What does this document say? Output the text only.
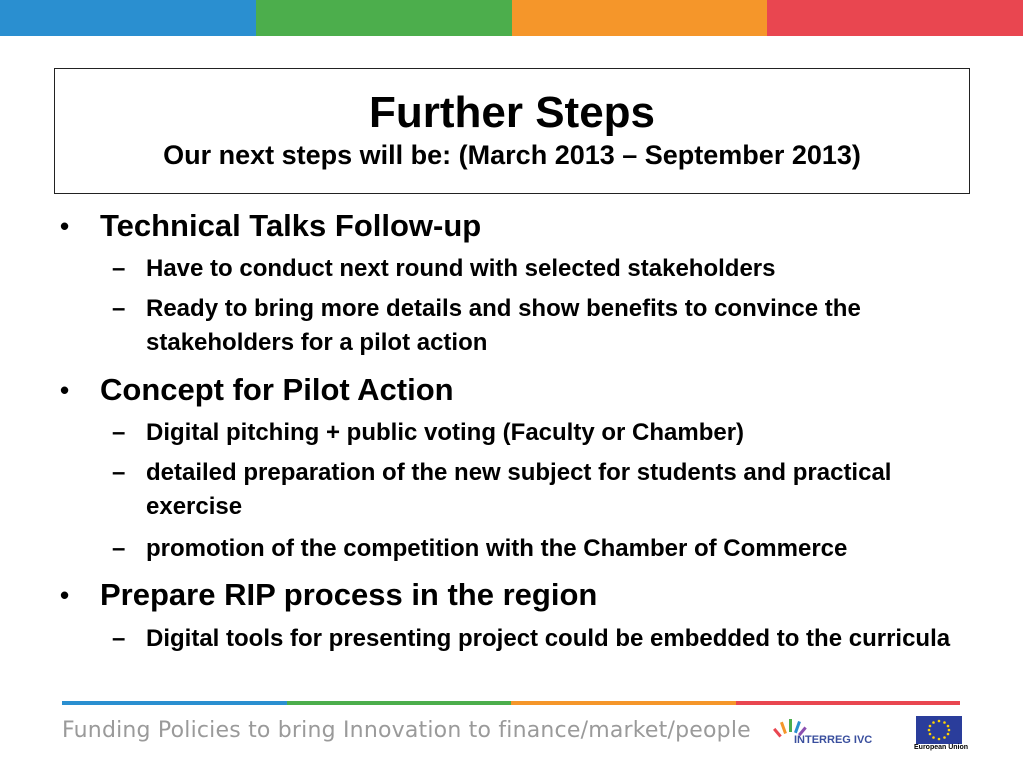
Further Steps
Our next steps will be: (March 2013 – September 2013)
• Technical Talks Follow-up
– Have to conduct next round with selected stakeholders
– Ready to bring more details and show benefits to convince the stakeholders for a pilot action
• Concept for Pilot Action
– Digital pitching + public voting (Faculty or Chamber)
– detailed preparation of the new subject for students and practical exercise
– promotion of the competition with the Chamber of Commerce
• Prepare RIP process in the region
– Digital tools for presenting project could be embedded to the curricula
Funding Policies to bring Innovation to finance/market/people	INTERREG IVC
European Union
